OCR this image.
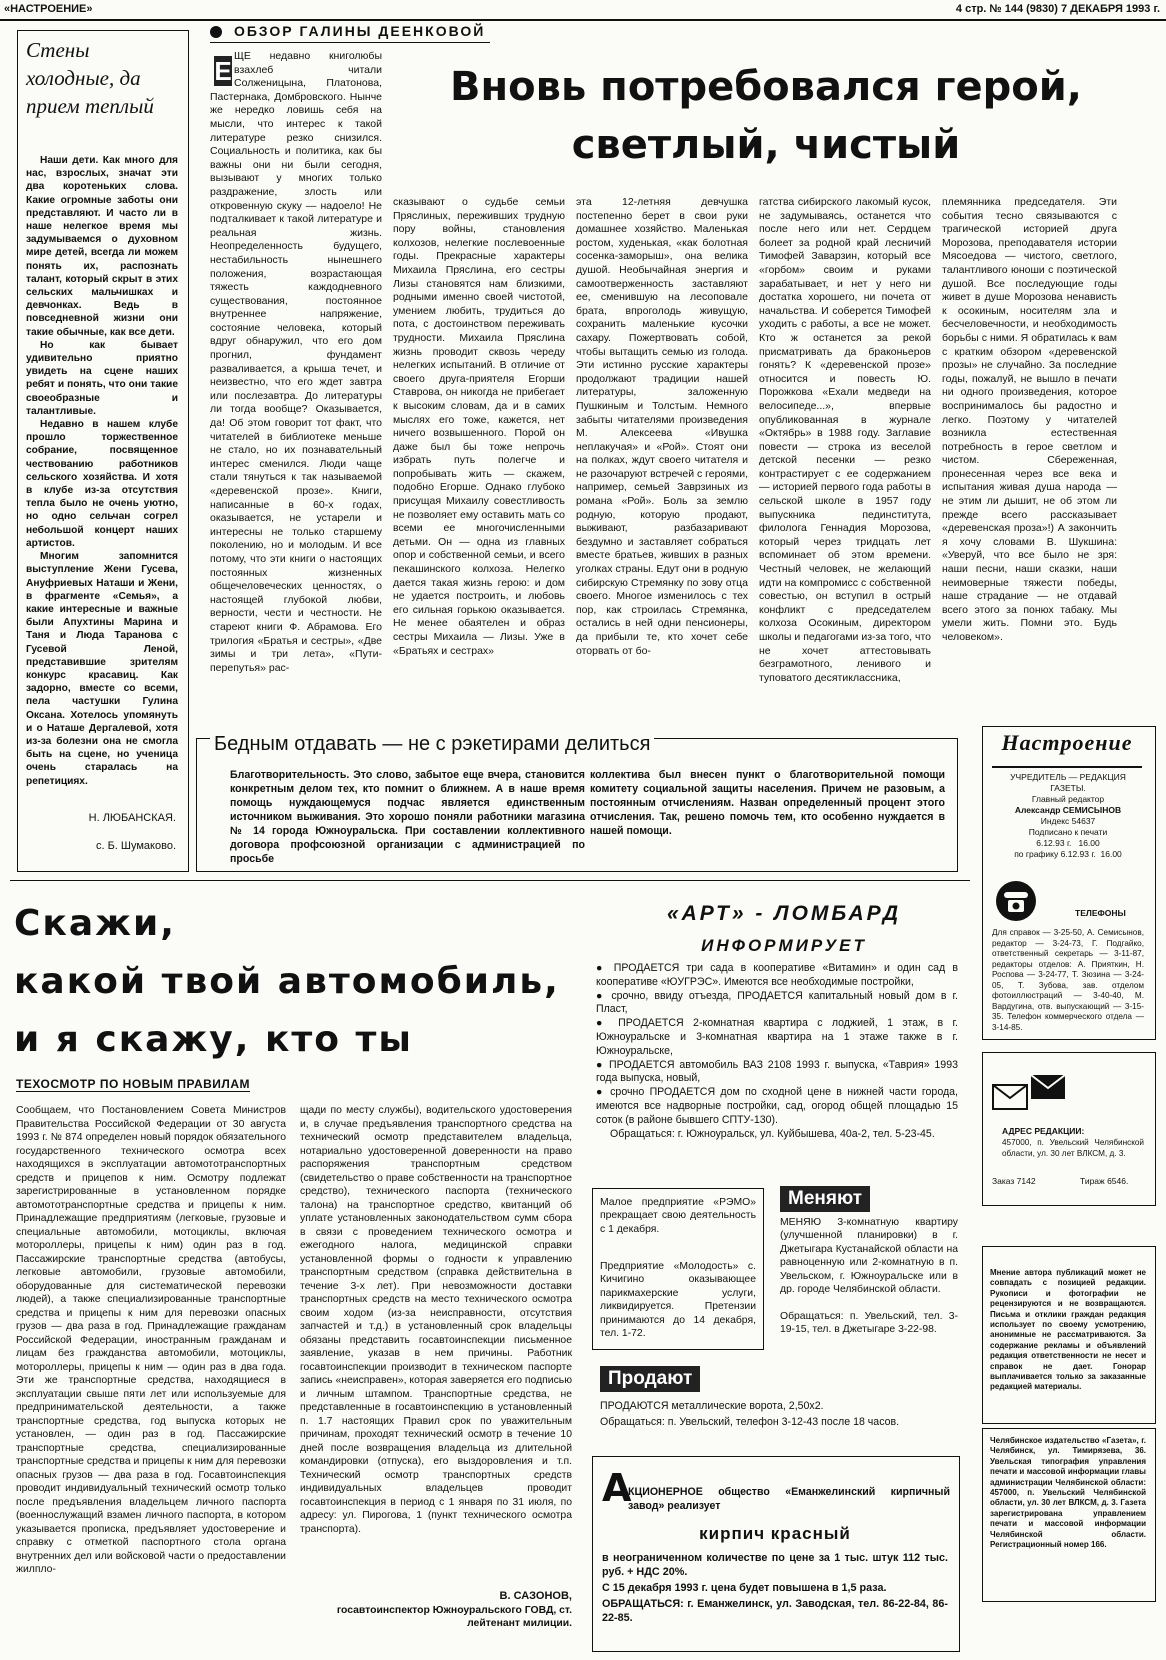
«НАСТРОЕНИЕ»	4 стр. № 144 (9830) 7 ДЕКАБРЯ 1993 г.
Стены холодные, да прием теплый

Наши дети. Как много для нас, взрослых, значат эти два коротеньких слова. Какие огромные заботы они представляют. И часто ли в наше нелегкое время мы задумываемся о духовном мире детей, всегда ли можем понять их, распознать талант, который скрыт в этих сельских мальчишках и девчонках. Ведь в повседневной жизни они такие обычные, как все дети.

Но как бывает удивительно приятно увидеть на сцене наших ребят и понять, что они такие своеобразные и талантливые.

Недавно в нашем клубе прошло торжественное собрание, посвященное чествованию работников сельского хозяйства. И хотя в клубе из-за отсутствия тепла было не очень уютно, но одно сельчан согрел небольшой концерт наших артистов.

Многим запомнится выступление Жени Гусева, Ануфриевых Наташи и Жени, в фрагменте «Семья», а какие интересные и важные были Апухтины Марина и Таня и Люда Таранова с Гусевой Леной, представившие зрителям конкурс красавиц. Как задорно, вместе со всеми, пела частушки Гулина Оксана. Хотелось упомянуть и о Наташе Дергалевой, хотя из-за болезни она не смогла быть на сцене, но ученица очень старалась на репетициях.

Н. ЛЮБАНСКАЯ.
с. Б. Шумаково.
ОБЗОР ГАЛИНЫ ДЕЕНКОВОЙ
Е	Вновь потребовался герой,
светлый, чистый
ЩЕ недавно книголюбы взахлеб читали Солженицына, Платонова, Пастернака, Домбровского. Нынче же нередко ловишь себя на мысли, что интерес к такой литературе резко снизился. Социальность и политика, как бы важны они ни были сегодня, вызывают у многих только раздражение, злость или откровенную скуку — надоело! Не подталкивает к такой литературе и реальная жизнь. Неопределенность будущего, нестабильность нынешнего положения, возрастающая тяжесть каждодневного существования, постоянное внутреннее напряжение, состояние человека, который вдруг обнаружил, что его дом прогнил, фундамент разваливается, а крыша течет, и неизвестно, что его ждет завтра или послезавтра. До литературы ли тогда вообще? Оказывается, да! Об этом говорит тот факт, что читателей в библиотеке меньше не стало, но их познавательный интерес сменился. Люди чаще стали тянуться к так называемой «деревенской прозе». Книги, написанные в 60-х годах, оказывается, не устарели и интересны не только старшему поколению, но и молодым. И все потому, что эти книги о настоящих постоянных жизненных общечеловеческих ценностях, о настоящей глубокой любви, верности, чести и честности. Не стареют книги Ф. Абрамова. Его трилогия «Братья и сестры», «Две зимы и три лета», «Пути-перепутья» рас-
сказывают о судьбе семьи Пряслиных, переживших трудную пору войны, становления колхозов, нелегкие послевоенные годы. Прекрасные характеры Михаила Пряслина, его сестры Лизы становятся нам близкими, родными именно своей чистотой, умением любить, трудиться до пота, с достоинством переживать трудности. Михаила Пряслина жизнь проводит сквозь череду нелегких испытаний. В отличие от своего друга-приятеля Егорши Ставрова, он никогда не прибегает к высоким словам, да и в самих мыслях его тоже, кажется, нет ничего возвышенного. Порой он даже был бы тоже непрочь избрать путь полегче и попробывать жить — скажем, подобно Егорше. Однако глубоко присущая Михаилу совестливость не позволяет ему оставить мать со всеми ее многочисленными детьми. Он — одна из главных опор и собственной семьи, и всего пекашинского колхоза. Нелегко дается такая жизнь герою: и дом не удается построить, и любовь его сильная горькою оказывается. Не менее обаятелен и образ сестры Михаила — Лизы. Уже в «Братьях и сестрах»
эта 12-летняя девчушка постепенно берет в свои руки домашнее хозяйство. Маленькая ростом, худенькая, «как болотная сосенка-заморыш», она велика душой. Необычайная энергия и самоотверженность заставляют ее, сменившую на лесоповале брата, впроголодь живущую, сохранить маленькие кусочки сахару. Пожертвовать собой, чтобы вытащить семью из голода. Эти истинно русские характеры продолжают традиции нашей литературы, заложенную Пушкиным и Толстым. Немного забыты читателями произведения М. Алексеева «Ивушка неплакучая» и «Рой». Стоят они на полках, ждут своего читателя и не разочаруют встречей с героями, например, семьей Заврзиных из романа «Рой». Боль за землю родную, которую продают, выживают, разбазаривают бездумно и заставляет собраться вместе братьев, живших в разных уголках страны. Едут они в родную сибирскую Стремянку по зову отца своего. Многое изменилось с тех пор, как строилась Стремянка, остались в ней одни пенсионеры, да прибыли те, кто хочет себе оторвать от бо-
гатства сибирского лакомый кусок, не задумываясь, останется что после него или нет. Сердцем болеет за родной край лесничий Тимофей Заварзин, который все «горбом» своим и руками зарабатывает, и нет у него ни достатка хорошего, ни почета от начальства. И соберется Тимофей уходить с работы, а все не может. Кто ж останется за рекой присматривать да браконьеров гонять? К «деревенской прозе» относится и повесть Ю. Порожкова «Ехали медведи на велосипеде...», впервые опубликованная в журнале «Октябрь» в 1988 году. Заглавие повести — строка из веселой детской песенки — резко контрастирует с ее содержанием — историей первого года работы в сельской школе в 1957 году выпускника пединститута, филолога Геннадия Морозова, который через тридцать лет вспоминает об этом времени. Честный человек, не желающий идти на компромисс с собственной совестью, он вступил в острый конфликт с председателем колхоза Осокиным, директором школы и педагогами из-за того, что не хочет аттестовывать безграмотного, ленивого и туповатого десятиклассника,
племянника председателя. Эти события тесно связываются с трагической историей друга Морозова, преподавателя истории Мясоедова — чистого, светлого, талантливого юноши с поэтической душой. Все последующие годы живет в душе Морозова ненависть к осокиным, носителям зла и бесчеловечности, и необходимость борьбы с ними. Я обратилась к вам с кратким обзором «деревенской прозы» не случайно. За последние годы, пожалуй, не вышло в печати ни одного произведения, которое воспринималось бы радостно и легко. Поэтому у читателей возникла естественная потребность в герое светлом и чистом. Сбереженная, пронесенная через все века и испытания живая душа народа — не этим ли дышит, не об этом ли прежде всего рассказывает «деревенская проза»!) А закончить я хочу словами В. Шукшина: «Уверуй, что все было не зря: наши песни, наши сказки, наши неимоверные тяжести победы, наше страдание — не отдавай всего этого за понюх табаку. Мы умели жить. Помни это. Будь человеком».
Бедным отдавать — не с рэкетирами делиться
Благотворительность. Это слово, забытое еще вчера, становится конкретным делом тех, кто помнит о ближнем. А в наше время помощь нуждающемуся подчас является единственным источником выживания. Это хорошо поняли работники магазина № 14 города Южноуральска. При составлении коллективного договора профсоюзной организации с администрацией по просьбе
коллектива был внесен пункт о благотворительной помощи комитету социальной защиты населения. Причем не разовым, а постоянным отчислениям. Назван определенный процент этого отчисления. Так, решено помочь тем, кто особенно нуждается в нашей помощи.
Настроение
УЧРЕДИТЕЛЬ — РЕДАКЦИЯ ГАЗЕТЫ.
Главный редактор
Александр СЕМИСЫНОВ
Индекс 54637
Подписано к печати
6.12.93 г. 16.00
по графику 6.12.93 г. 16.00
ТЕЛЕФОНЫ
Для справок — 3-25-50, А. Семисынов, редактор — 3-24-73, Г. Подгайко, ответственный секретарь — 3-11-87, редакторы отделов: А. Прияткин, Н. Роспова — 3-24-77, Т. Зюзина — 3-24-05, Т. Зубова, зав. отделом фотоиллюстраций — 3-40-40, М. Вардугина, отв. выпускающий — 3-15-35. Телефон коммерческого отдела — 3-14-85.
АДРЕС РЕДАКЦИИ:
457000, п. Увельский Челябинской области, ул. 30 лет ВЛКСМ, д. 3.
Заказ 7142	Тираж 6546.
Мнение автора публикаций может не совпадать с позицией редакции. Рукописи и фотографии не рецензируются и не возвращаются. Письма и отклики граждан редакция использует по своему усмотрению, анонимные не рассматриваются. За содержание рекламы и объявлений редакция ответственности не несет и справок не дает. Гонорар выплачивается только за заказанные редакцией материалы.
Челябинское издательство «Газета», г. Челябинск, ул. Тимирязева, 36. Увельская типография управления печати и массовой информации главы администрации Челябинской области: 457000, п. Увельский Челябинской области, ул. 30 лет ВЛКСМ, д. 3. Газета зарегистрирована управлением печати и массовой информации Челябинской области. Регистрационный номер 166.
Скажи,
какой твой автомобиль,
и я скажу, кто ты
ТЕХОСМОТР ПО НОВЫМ ПРАВИЛАМ
Сообщаем, что Постановлением Совета Министров Правительства Российской Федерации от 30 августа 1993 г. № 874 определен новый порядок обязательного государственного технического осмотра всех находящихся в эксплуатации автомототранспортных средств и прицепов к ним. Осмотру подлежат зарегистрированные в установленном порядке автомототранспортные средства и прицепы к ним. Принадлежащие предприятиям (легковые, грузовые и специальные автомобили, мотоциклы, включая мотороллеры, прицепы к ним) один раз в год. Пассажирские транспортные средства (автобусы, легковые автомобили, грузовые автомобили, оборудованные для систематической перевозки людей), а также специализированные транспортные средства и прицепы к ним для перевозки опасных грузов — два раза в год. Принадлежащие гражданам Российской Федерации, иностранным гражданам и лицам без гражданства автомобили, мотоциклы, мотороллеры, прицепы к ним — один раз в два года. Эти же транспортные средства, находящиеся в эксплуатации свыше пяти лет или используемые для предпринимательской деятельности, а также транспортные средства, год выпуска которых не установлен, — один раз в год. Пассажирские транспортные средства, специализированные транспортные средства и прицепы к ним для перевозки опасных грузов — два раза в год. Госавтоинспекция проводит индивидуальный технический осмотр только после предъявления владельцем личного паспорта (военнослужащий взамен личного паспорта, в котором указывается прописка, предъявляет удостоверение и справку с отметкой паспортного стола органа внутренних дел или войсковой части о предоставлении жилпло-
щади по месту службы), водительского удостоверения и, в случае предъявления транспортного средства на технический осмотр представителем владельца, нотариально удостоверенной доверенности на право распоряжения транспортным средством (свидетельство о праве собственности на транспортное средство), технического паспорта (технического талона) на транспортное средство, квитанций об уплате установленных законодательством сумм сбора в связи с проведением технического осмотра и ежегодного налога, медицинской справки установленной формы о годности к управлению транспортным средством (справка действительна в течение 3-х лет). При невозможности доставки транспортных средств на место технического осмотра своим ходом (из-за неисправности, отсутствия запчастей и т.д.) в установленный срок владельцы обязаны представить госавтоинспекции письменное заявление, указав в нем причины. Работник госавтоинспекции производит в техническом паспорте запись «неисправен», которая заверяется его подписью и личным штампом. Транспортные средства, не представленные в госавтоинспекцию в установленный п. 1.7 настоящих Правил срок по уважительным причинам, проходят технический осмотр в течение 10 дней после возвращения владельца из длительной командировки (отпуска), его выздоровления и т.п. Технический осмотр транспортных средств индивидуальных владельцев проводит госавтоинспекция в период с 1 января по 31 июля, по адресу: ул. Пирогова, 1 (пункт технического осмотра транспорта).
В. САЗОНОВ,
госавтоинспектор Южноуральского ГОВД, ст. лейтенант милиции.
«АРТ» - ЛОМБАРД
ИНФОРМИРУЕТ
● ПРОДАЕТСЯ три сада в кооперативе «Витамин» и один сад в кооперативе «ЮУГРЭС». Имеются все необходимые постройки,
● срочно, ввиду отъезда, ПРОДАЕТСЯ капитальный новый дом в г. Пласт,
● ПРОДАЕТСЯ 2-комнатная квартира с лоджией, 1 этаж, в г. Южноуральске и 3-комнатная квартира на 1 этаже также в г. Южноуральске,
● ПРОДАЕТСЯ автомобиль ВАЗ 2108 1993 г. выпуска, «Таврия» 1993 года выпуска, новый,
● срочно ПРОДАЕТСЯ дом по сходной цене в нижней части города, имеются все надворные постройки, сад, огород общей площадью 15 соток (в районе бывшего СПТУ-130).

Обращаться: г. Южноуральск, ул. Куйбышева, 40а-2, тел. 5-23-45.

Малое предприятие «РЭМО» прекращает свою деятельность с 1 декабря.
Предприятие «Молодость» с. Кичигино оказывающее парикмахерские услуги, ликвидируется. Претензии принимаются до 14 декабря, тел. 1-72.
Меняют
МЕНЯЮ 3-комнатную квартиру (улучшенной планировки) в г. Джетыгара Кустанайской области на равноценную или 2-комнатную в п. Увельском, г. Южноуральске или в др. городе Челябинской области.
Обращаться: п. Увельский, тел. 3-19-15, тел. в Джетыгаре 3-22-98.
Продают
ПРОДАЮТСЯ металлические ворота, 2,50х2.
Обращаться: п. Увельский, телефон 3-12-43 после 18 часов.
А
КЦИОНЕРНОЕ общество «Еманжелинский кирпичный завод» реализует
кирпич красный
в неограниченном количестве по цене за 1 тыс. штук 112 тыс. руб. + НДС 20%.
С 15 декабря 1993 г. цена будет повышена в 1,5 раза.
ОБРАЩАТЬСЯ: г. Еманжелинск, ул. Заводская, тел. 86-22-84, 86-22-85.
